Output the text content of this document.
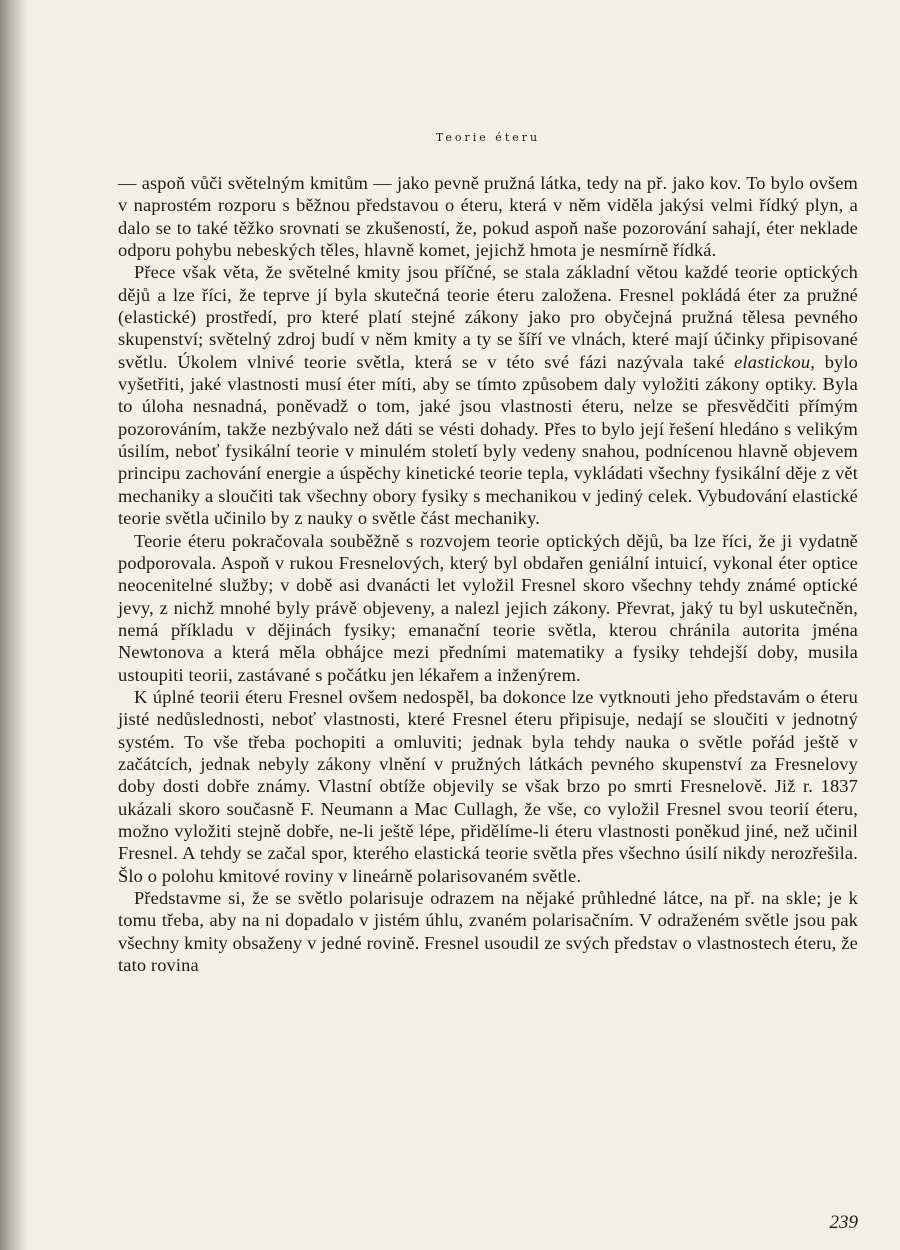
Teorie éteru

— aspoň vůči světelným kmitům — jako pevně pružná látka, tedy na př. jako kov. To bylo ovšem v naprostém rozporu s běžnou představou o éteru, která v něm viděla jakýsi velmi řídký plyn, a dalo se to také těžko srovnati se zkušeností, že, pokud aspoň naše pozorování sahají, éter neklade odporu pohybu nebeských těles, hlavně komet, jejichž hmota je nesmírně řídká.

Přece však věta, že světelné kmity jsou příčné, se stala základní větou každé teorie optických dějů a lze říci, že teprve jí byla skutečná teorie éteru založena. Fresnel pokládá éter za pružné (elastické) prostředí, pro které platí stejné zákony jako pro obyčejná pružná tělesa pevného skupenství; světelný zdroj budí v něm kmity a ty se šíří ve vlnách, které mají účinky připisované světlu. Úkolem vlnivé teorie světla, která se v této své fázi nazývala také elastickou, bylo vyšetřiti, jaké vlastnosti musí éter míti, aby se tímto způsobem daly vyložiti zákony optiky. Byla to úloha nesnadná, poněvadž o tom, jaké jsou vlastnosti éteru, nelze se přesvědčiti přímým pozorováním, takže nezbývalo než dáti se vésti dohady. Přes to bylo její řešení hledáno s velikým úsilím, neboť fysikální teorie v minulém století byly vedeny snahou, podnícenou hlavně objevem principu zachování energie a úspěchy kinetické teorie tepla, vykládati všechny fysikální děje z vět mechaniky a sloučiti tak všechny obory fysiky s mechanikou v jediný celek. Vybudování elastické teorie světla učinilo by z nauky o světle část mechaniky.

Teorie éteru pokračovala souběžně s rozvojem teorie optických dějů, ba lze říci, že ji vydatně podporovala. Aspoň v rukou Fresnelových, který byl obdařen geniální intuicí, vykonal éter optice neocenitelné služby; v době asi dvanácti let vyložil Fresnel skoro všechny tehdy známé optické jevy, z nichž mnohé byly právě objeveny, a nalezl jejich zákony. Převrat, jaký tu byl uskutečněn, nemá příkladu v dějinách fysiky; emanační teorie světla, kterou chránila autorita jména Newtonova a která měla obhájce mezi předními matematiky a fysiky tehdejší doby, musila ustoupiti teorii, zastávané s počátku jen lékařem a inženýrem.

K úplné teorii éteru Fresnel ovšem nedospěl, ba dokonce lze vytknouti jeho představám o éteru jisté nedůslednosti, neboť vlastnosti, které Fresnel éteru připisuje, nedají se sloučiti v jednotný systém. To vše třeba pochopiti a omluviti; jednak byla tehdy nauka o světle pořád ještě v začátcích, jednak nebyly zákony vlnění v pružných látkách pevného skupenství za Fresnelovy doby dosti dobře známy. Vlastní obtíže objevily se však brzo po smrti Fresnelově. Již r. 1837 ukázali skoro současně F. Neumann a Mac Cullagh, že vše, co vyložil Fresnel svou teorií éteru, možno vyložiti stejně dobře, ne-li ještě lépe, přidělíme-li éteru vlastnosti poněkud jiné, než učinil Fresnel. A tehdy se začal spor, kterého elastická teorie světla přes všechno úsilí nikdy nerozřešila. Šlo o polohu kmitové roviny v lineárně polarisovaném světle.

Představme si, že se světlo polarisuje odrazem na nějaké průhledné látce, na př. na skle; je k tomu třeba, aby na ni dopadalo v jistém úhlu, zvaném polarisačním. V odraženém světle jsou pak všechny kmity obsaženy v jedné rovině. Fresnel usoudil ze svých představ o vlastnostech éteru, že tato rovina

239
